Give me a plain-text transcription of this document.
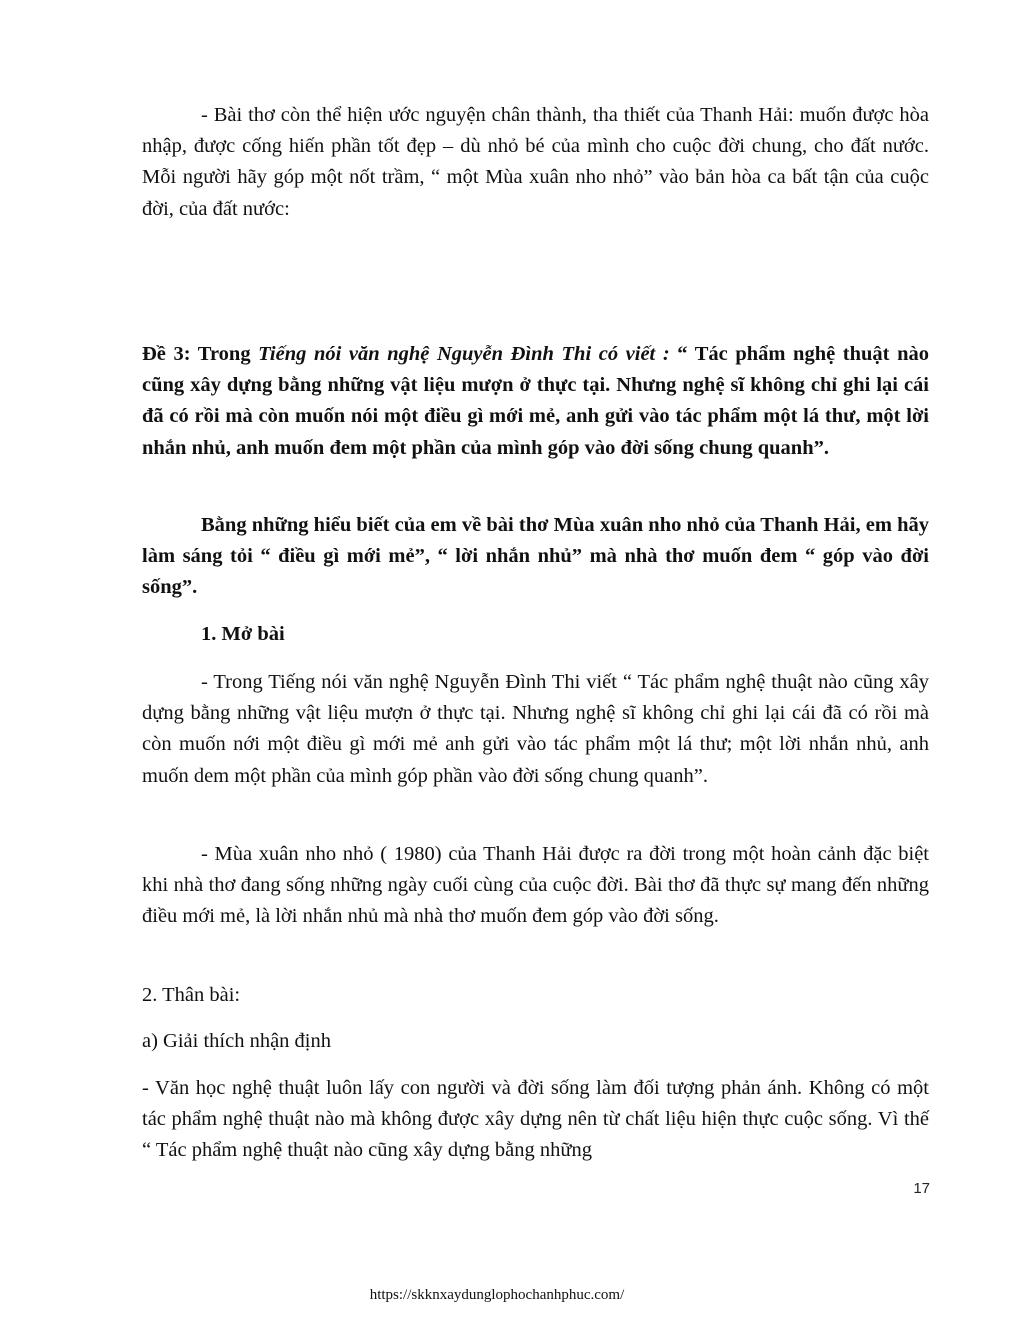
- Bài thơ còn thể hiện ước nguyện chân thành, tha thiết của Thanh Hải: muốn được hòa nhập, được cống hiến phần tốt đẹp – dù nhỏ bé của mình cho cuộc đời chung, cho đất nước. Mỗi người hãy góp một nốt trầm, “ một Mùa xuân nho nhỏ” vào bản hòa ca bất tận của cuộc đời, của đất nước:

Đề 3: Trong Tiếng nói văn nghệ Nguyễn Đình Thi có viết : “ Tác phẩm nghệ thuật nào cũng xây dựng bằng những vật liệu mượn ở thực tại. Nhưng nghệ sĩ không chỉ ghi lại cái đã có rồi mà còn muốn nói một điều gì mới mẻ, anh gửi vào tác phẩm một lá thư, một lời nhắn nhủ, anh muốn đem một phần của mình góp vào đời sống chung quanh”.

Bằng những hiểu biết của em về bài thơ Mùa xuân nho nhỏ của Thanh Hải, em hãy làm sáng tỏi “ điều gì mới mẻ”, “ lời nhắn nhủ” mà nhà thơ muốn đem “ góp vào đời sống”.

1. Mở bài

- Trong Tiếng nói văn nghệ Nguyễn Đình Thi viết “ Tác phẩm nghệ thuật nào cũng xây dựng bằng những vật liệu mượn ở thực tại. Nhưng nghệ sĩ không chỉ ghi lại cái đã có rồi mà còn muốn nới một điều gì mới mẻ anh gửi vào tác phẩm một lá thư; một lời nhắn nhủ, anh muốn dem một phần của mình góp phần vào đời sống chung quanh”.

- Mùa xuân nho nhỏ ( 1980) của Thanh Hải được ra đời trong một hoàn cảnh đặc biệt khi nhà thơ đang sống những ngày cuối cùng của cuộc đời. Bài thơ đã thực sự mang đến những điều mới mẻ, là lời nhắn nhủ mà nhà thơ muốn đem góp vào đời sống.

2. Thân bài:

a) Giải thích nhận định

- Văn học nghệ thuật luôn lấy con người và đời sống làm đối tượng phản ánh. Không có một tác phẩm nghệ thuật nào mà không được xây dựng nên từ chất liệu hiện thực cuộc sống. Vì thế “ Tác phẩm nghệ thuật nào cũng xây dựng bằng những

17
https://skknxaydunglophochanhphuc.com/
